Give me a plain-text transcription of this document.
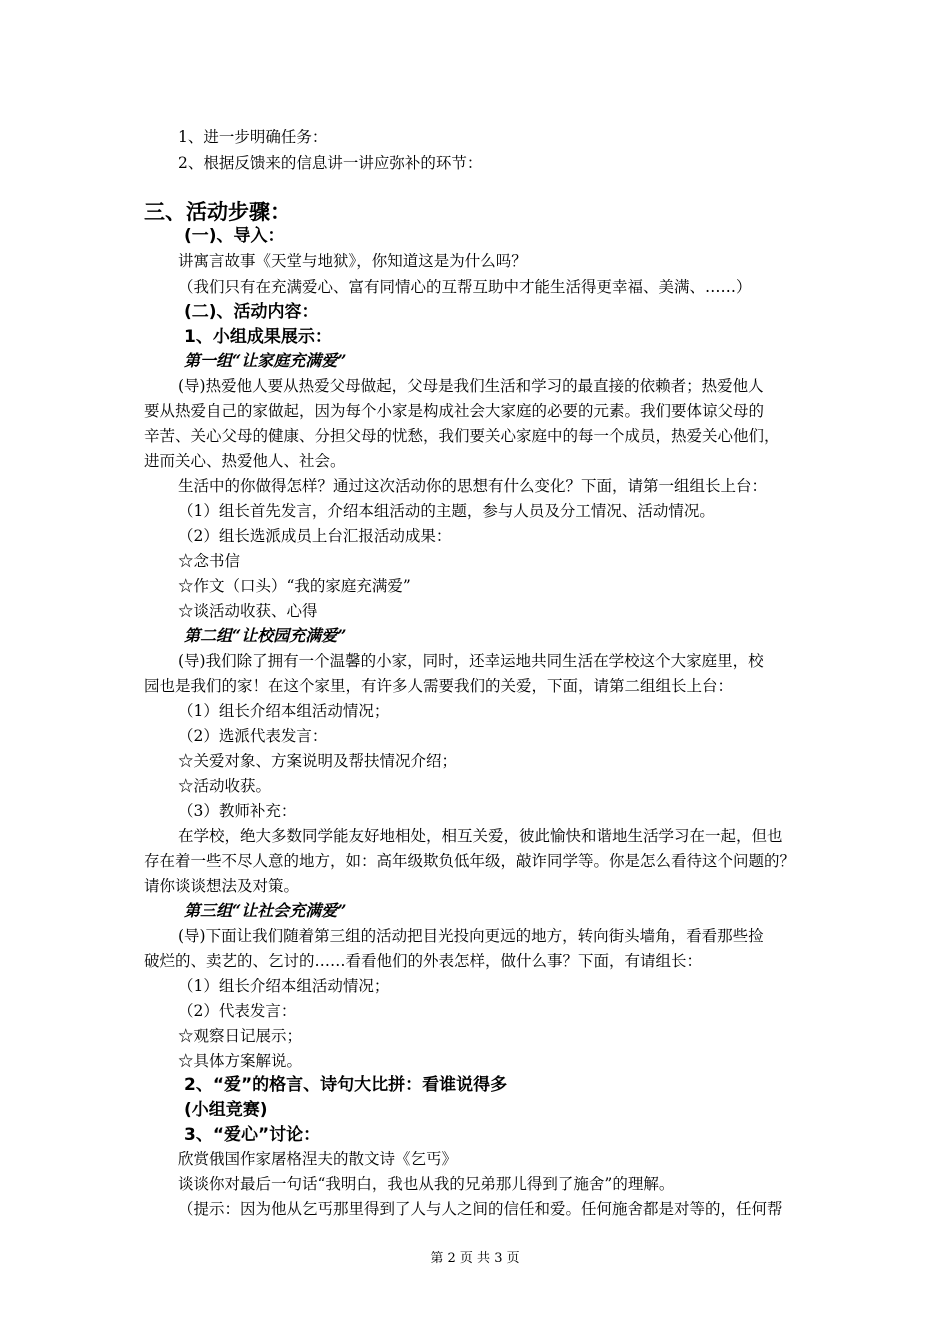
1、进一步明确任务：
2、根据反馈来的信息讲一讲应弥补的环节：
三、活动步骤：
(一)、导入：
讲寓言故事《天堂与地狱》，你知道这是为什么吗？
（我们只有在充满爱心、富有同情心的互帮互助中才能生活得更幸福、美满、……）
(二)、活动内容：
1、小组成果展示：
第一组“让家庭充满爱”
(导)热爱他人要从热爱父母做起，父母是我们生活和学习的最直接的依赖者；热爱他人
要从热爱自己的家做起，因为每个小家是构成社会大家庭的必要的元素。我们要体谅父母的
辛苦、关心父母的健康、分担父母的忧愁，我们要关心家庭中的每一个成员，热爱关心他们，
进而关心、热爱他人、社会。
生活中的你做得怎样？通过这次活动你的思想有什么变化？下面，请第一组组长上台：
（1）组长首先发言，介绍本组活动的主题，参与人员及分工情况、活动情况。
（2）组长选派成员上台汇报活动成果：
☆念书信
☆作文（口头）“我的家庭充满爱”
☆谈活动收获、心得
第二组“让校园充满爱”
(导)我们除了拥有一个温馨的小家，同时，还幸运地共同生活在学校这个大家庭里，校
园也是我们的家！在这个家里，有许多人需要我们的关爱，下面，请第二组组长上台：
（1）组长介绍本组活动情况；
（2）选派代表发言：
☆关爱对象、方案说明及帮扶情况介绍；
☆活动收获。
（3）教师补充：
在学校，绝大多数同学能友好地相处，相互关爱，彼此愉快和谐地生活学习在一起，但也
存在着一些不尽人意的地方，如：高年级欺负低年级，敲诈同学等。你是怎么看待这个问题的？
请你谈谈想法及对策。
第三组“让社会充满爱”
(导)下面让我们随着第三组的活动把目光投向更远的地方，转向街头墙角，看看那些捡
破烂的、卖艺的、乞讨的……看看他们的外表怎样，做什么事？下面，有请组长：
（1）组长介绍本组活动情况；
（2）代表发言：
☆观察日记展示；
☆具体方案解说。
2、“爱”的格言、诗句大比拼：看谁说得多
(小组竞赛)
3、“爱心”讨论：
欣赏俄国作家屠格涅夫的散文诗《乞丐》
谈谈你对最后一句话“我明白，我也从我的兄弟那儿得到了施舍”的理解。
（提示：因为他从乞丐那里得到了人与人之间的信任和爱。任何施舍都是对等的，任何帮
第 2 页 共 3 页
